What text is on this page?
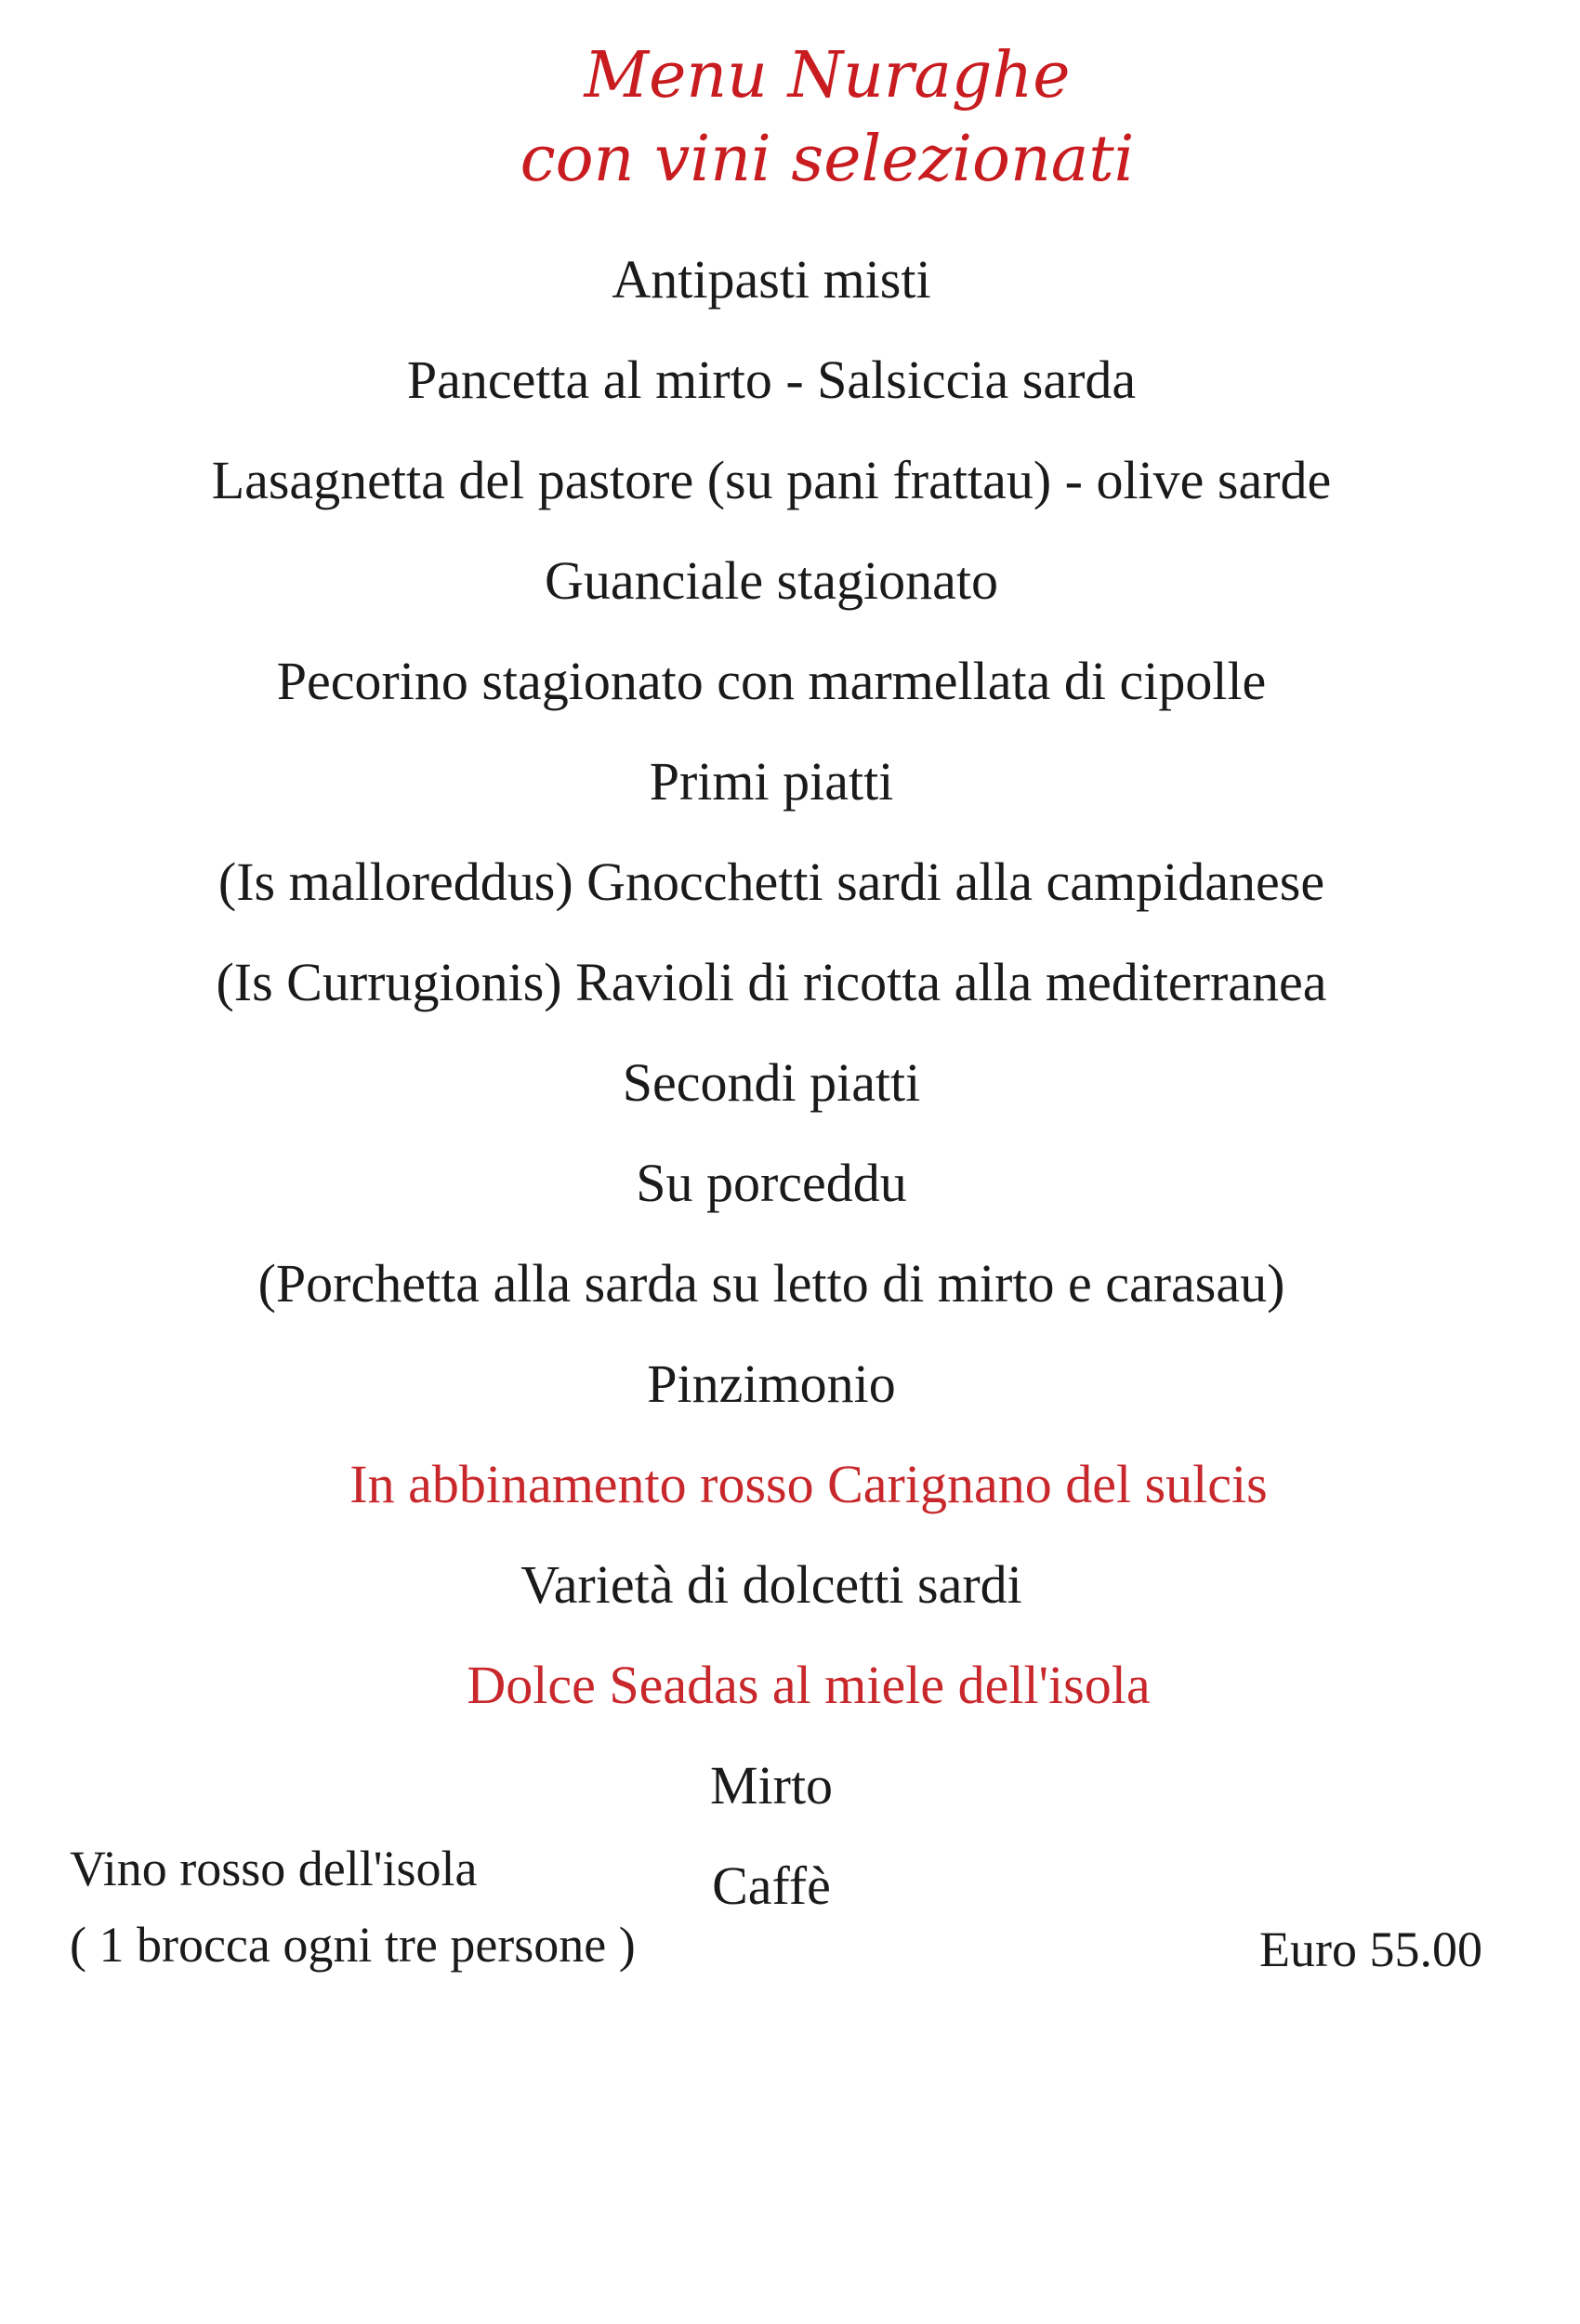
Menu Nuraghe
con vini selezionati
Antipasti misti
Pancetta al mirto - Salsiccia sarda
Lasagnetta del pastore (su pani frattau) - olive sarde
Guanciale stagionato
Pecorino stagionato con marmellata di cipolle
Primi piatti
(Is malloreddus) Gnocchetti sardi alla campidanese
(Is Currugionis) Ravioli di ricotta alla mediterranea
Secondi piatti
Su porceddu
(Porchetta alla sarda su letto di mirto e carasau)
Pinzimonio
In abbinamento rosso Carignano del sulcis
Varietà di dolcetti sardi
Dolce Seadas al miele dell'isola
Mirto
Caffè
Vino rosso dell'isola
( 1 brocca ogni tre persone )	Euro 55.00
